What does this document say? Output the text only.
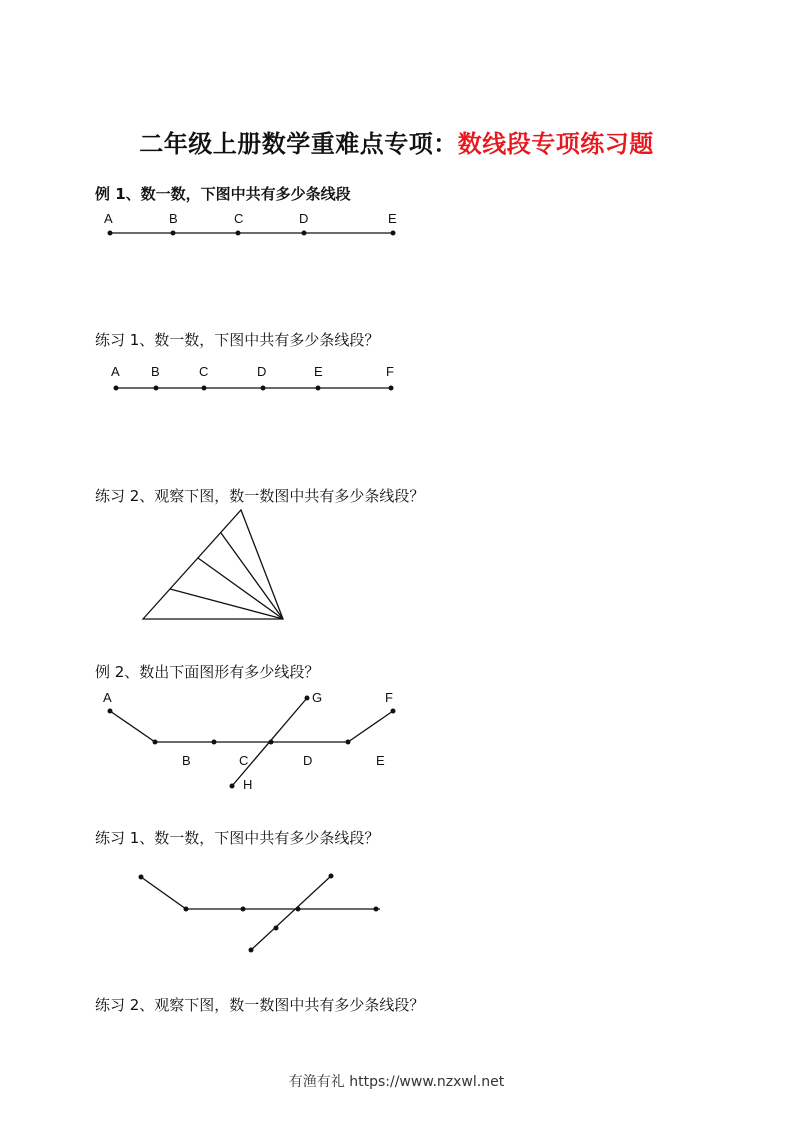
二年级上册数学重难点专项：数线段专项练习题
例 1、数一数，下图中共有多少条线段
A	B	C	D	E
练习 1、数一数，下图中共有多少条线段？
A B	C	D	E	F
练习 2、观察下图，数一数图中共有多少条线段？
例 2、数出下面图形有多少线段？
A	G	F
B	C	D	E
H
练习 1、数一数，下图中共有多少条线段？
练习 2、观察下图，数一数图中共有多少条线段？
有渔有礼 https://www.nzxwl.net
